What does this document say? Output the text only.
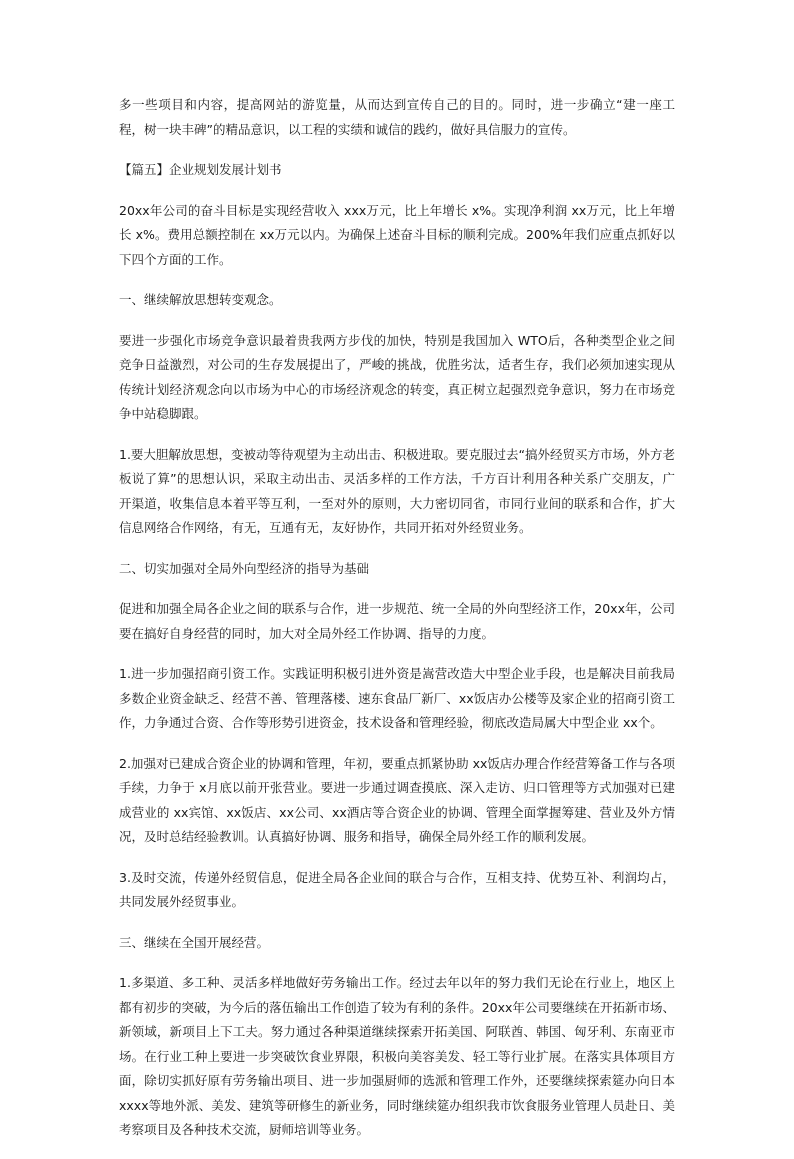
多一些项目和内容，提高网站的游览量，从而达到宣传自己的目的。同时，进一步确立“建一座工程，树一块丰碑”的精品意识，以工程的实绩和诚信的践约，做好具信服力的宣传。

【篇五】企业规划发展计划书

20xx年公司的奋斗目标是实现经营收入 xxx万元，比上年增长 x%。实现净利润 xx万元，比上年增长 x%。费用总额控制在 xx万元以内。为确保上述奋斗目标的顺利完成。200%年我们应重点抓好以下四个方面的工作。

一、继续解放思想转变观念。

要进一步强化市场竞争意识最着贵我两方步伐的加快，特别是我国加入 WTO后，各种类型企业之间竞争日益激烈，对公司的生存发展提出了，严峻的挑战，优胜劣汰，适者生存，我们必须加速实现从传统计划经济观念向以市场为中心的市场经济观念的转变，真正树立起强烈竞争意识，努力在市场竞争中站稳脚跟。

1.要大胆解放思想，变被动等待观望为主动出击、积极进取。要克服过去“搞外经贸买方市场，外方老板说了算”的思想认识，采取主动出击、灵活多样的工作方法，千方百计利用各种关系广交朋友，广开渠道，收集信息本着平等互利，一至对外的原则，大力密切同省，市同行业间的联系和合作，扩大信息网络合作网络，有无，互通有无，友好协作，共同开拓对外经贸业务。

二、切实加强对全局外向型经济的指导为基础

促进和加强全局各企业之间的联系与合作，进一步规范、统一全局的外向型经济工作，20xx年，公司要在搞好自身经营的同时，加大对全局外经工作协调、指导的力度。

1.进一步加强招商引资工作。实践证明积极引进外资是嵩营改造大中型企业手段，也是解决目前我局多数企业资金缺乏、经营不善、管理落楼、速东食品厂新厂、xx饭店办公楼等及家企业的招商引资工作，力争通过合资、合作等形势引进资金，技术设备和管理经验，彻底改造局属大中型企业 xx个。

2.加强对已建成合资企业的协调和管理，年初，要重点抓紧协助 xx饭店办理合作经营筹备工作与各项手续，力争于 x月底以前开张营业。要进一步通过调查摸底、深入走访、归口管理等方式加强对已建成营业的 xx宾馆、xx饭店、xx公司、xx酒店等合资企业的协调、管理全面掌握筹建、营业及外方情况，及时总结经验教训。认真搞好协调、服务和指导，确保全局外经工作的顺利发展。

3.及时交流，传递外经贸信息，促进全局各企业间的联合与合作，互相支持、优势互补、利润均占，共同发展外经贸事业。

三、继续在全国开展经营。

1.多渠道、多工种、灵活多样地做好劳务输出工作。经过去年以年的努力我们无论在行业上，地区上都有初步的突破，为今后的落伍输出工作创造了较为有利的条件。20xx年公司要继续在开拓新市场、新领域，新项目上下工夫。努力通过各种渠道继续探索开拓美国、阿联酋、韩国、匈牙利、东南亚市场。在行业工种上要进一步突破饮食业界限，积极向美容美发、轻工等行业扩展。在落实具体项目方面，除切实抓好原有劳务输出项目、进一步加强厨师的选派和管理工作外，还要继续探索筵办向日本 xxxx等地外派、美发、建筑等研修生的新业务，同时继续筵办组织我市饮食服务业管理人员赴日、美考察项目及各种技术交流，厨师培训等业务。
